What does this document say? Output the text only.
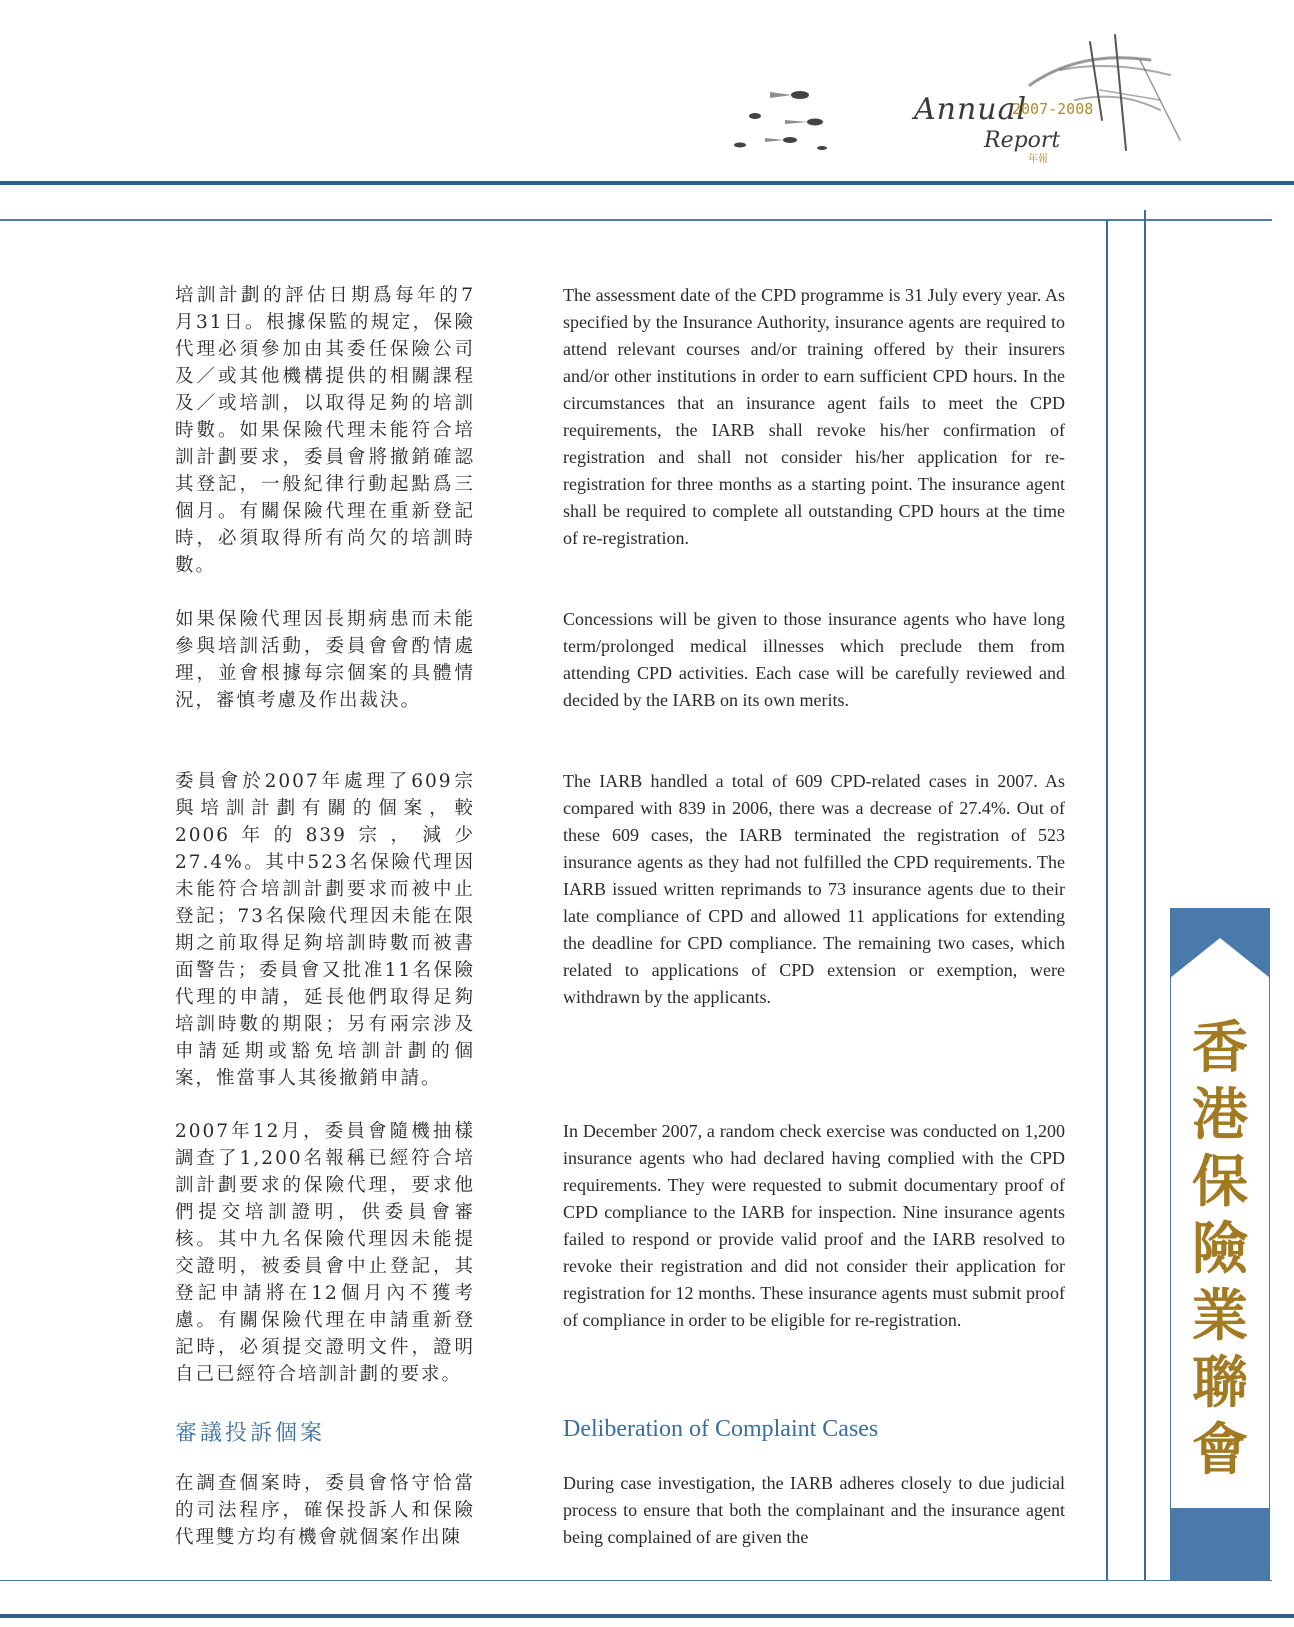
Annual
2007-2008
Report
年報
香
港
保
險
業
聯
會
28

培訓計劃的評估日期爲每年的7月31日。根據保監的規定，保險代理必須參加由其委任保險公司及／或其他機構提供的相關課程及／或培訓，以取得足夠的培訓時數。如果保險代理未能符合培訓計劃要求，委員會將撤銷確認其登記，一般紀律行動起點爲三個月。有關保險代理在重新登記時，必須取得所有尚欠的培訓時數。

如果保險代理因長期病患而未能參與培訓活動，委員會會酌情處理，並會根據每宗個案的具體情況，審慎考慮及作出裁決。

委員會於2007年處理了609宗與培訓計劃有關的個案，較2006年的839宗，減少27.4%。其中523名保險代理因未能符合培訓計劃要求而被中止登記；73名保險代理因未能在限期之前取得足夠培訓時數而被書面警告；委員會又批准11名保險代理的申請，延長他們取得足夠培訓時數的期限；另有兩宗涉及申請延期或豁免培訓計劃的個案，惟當事人其後撤銷申請。

2007年12月，委員會隨機抽樣調查了1,200名報稱已經符合培訓計劃要求的保險代理，要求他們提交培訓證明，供委員會審核。其中九名保險代理因未能提交證明，被委員會中止登記，其登記申請將在12個月內不獲考慮。有關保險代理在申請重新登記時，必須提交證明文件，證明自己已經符合培訓計劃的要求。

審議投訴個案

在調查個案時，委員會恪守恰當的司法程序，確保投訴人和保險代理雙方均有機會就個案作出陳

The assessment date of the CPD programme is 31 July every year. As specified by the Insurance Authority, insurance agents are required to attend relevant courses and/or training offered by their insurers and/or other institutions in order to earn sufficient CPD hours. In the circumstances that an insurance agent fails to meet the CPD requirements, the IARB shall revoke his/her confirmation of registration and shall not consider his/her application for re-registration for three months as a starting point. The insurance agent shall be required to complete all outstanding CPD hours at the time of re-registration.

Concessions will be given to those insurance agents who have long term/prolonged medical illnesses which preclude them from attending CPD activities. Each case will be carefully reviewed and decided by the IARB on its own merits.

The IARB handled a total of 609 CPD-related cases in 2007. As compared with 839 in 2006, there was a decrease of 27.4%. Out of these 609 cases, the IARB terminated the registration of 523 insurance agents as they had not fulfilled the CPD requirements. The IARB issued written reprimands to 73 insurance agents due to their late compliance of CPD and allowed 11 applications for extending the deadline for CPD compliance. The remaining two cases, which related to applications of CPD extension or exemption, were withdrawn by the applicants.

In December 2007, a random check exercise was conducted on 1,200 insurance agents who had declared having complied with the CPD requirements. They were requested to submit documentary proof of CPD compliance to the IARB for inspection. Nine insurance agents failed to respond or provide valid proof and the IARB resolved to revoke their registration and did not consider their application for registration for 12 months. These insurance agents must submit proof of compliance in order to be eligible for re-registration.

Deliberation of Complaint Cases

During case investigation, the IARB adheres closely to due judicial process to ensure that both the complainant and the insurance agent being complained of are given the
